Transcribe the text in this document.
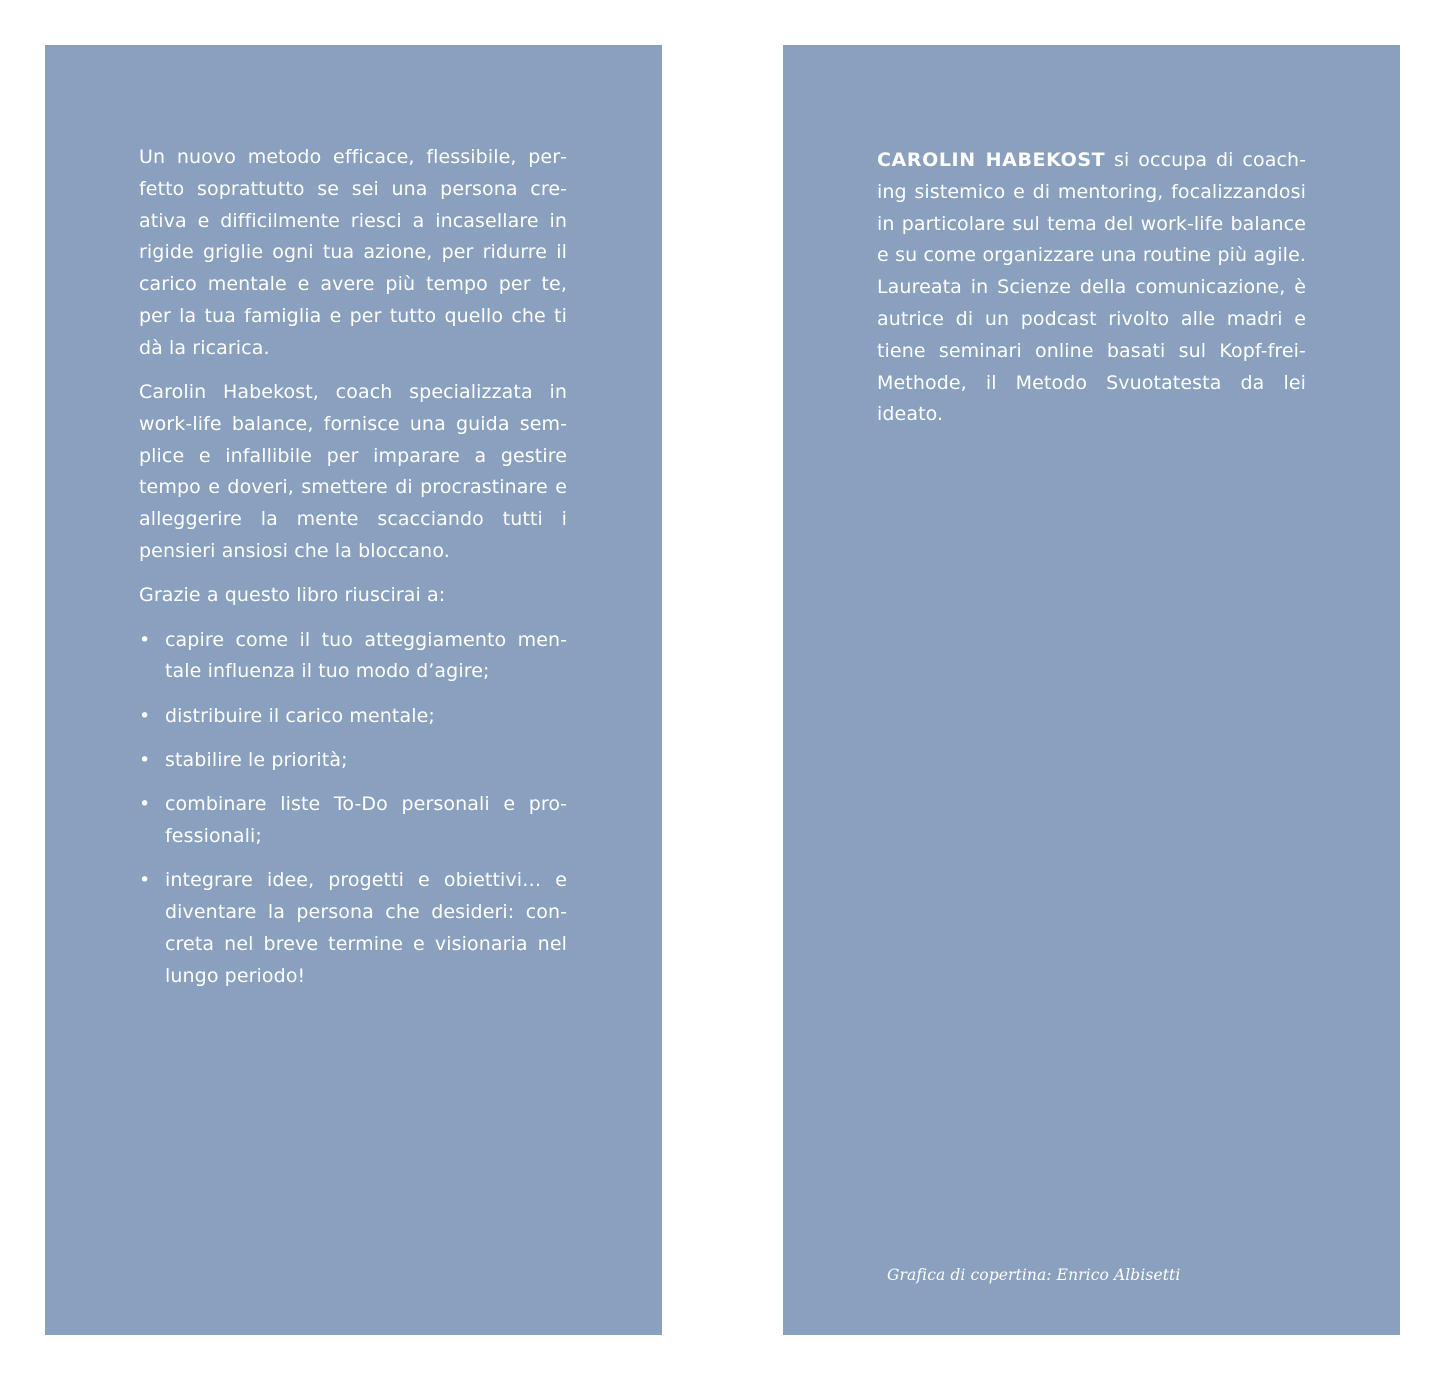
Un nuovo metodo efficace, flessibile, perfetto soprattutto se sei una persona creativa e difficilmente riesci a incasellare in rigide griglie ogni tua azione, per ridurre il carico mentale e avere più tempo per te, per la tua famiglia e per tutto quello che ti dà la ricarica.

Carolin Habekost, coach specializzata in work-life balance, fornisce una guida semplice e infallibile per imparare a gestire tempo e doveri, smettere di procrastinare e alleggerire la mente scacciando tutti i pensieri ansiosi che la bloccano.

Grazie a questo libro riuscirai a:

• capire come il tuo atteggiamento mentale influenza il tuo modo d’agire;
• distribuire il carico mentale;
• stabilire le priorità;
• combinare liste To-Do personali e professionali;
• integrare idee, progetti e obiettivi… e diventare la persona che desideri: concreta nel breve termine e visionaria nel lungo periodo!

CAROLIN HABEKOST si occupa di coaching sistemico e di mentoring, focalizzandosi in particolare sul tema del work-life balance e su come organizzare una routine più agile. Laureata in Scienze della comunicazione, è autrice di un podcast rivolto alle madri e tiene seminari online basati sul Kopf-frei-Methode, il Metodo Svuotatesta da lei ideato.

Grafica di copertina: Enrico Albisetti
